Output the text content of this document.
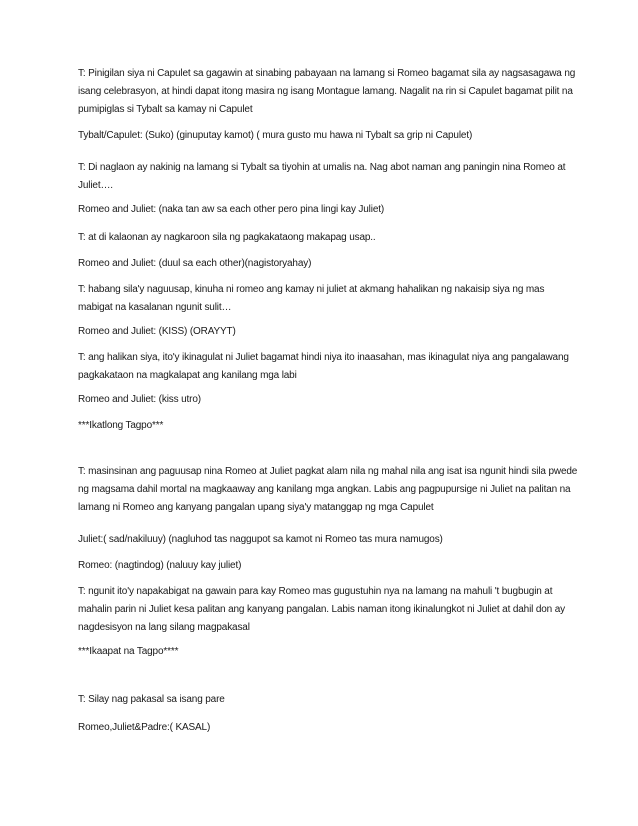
T: Pinigilan siya ni Capulet sa gagawin at sinabing pabayaan na lamang si Romeo bagamat sila ay nagsasagawa ng isang celebrasyon, at hindi dapat itong masira ng isang Montague lamang. Nagalit na rin si Capulet bagamat pilit na pumipiglas si Tybalt sa kamay ni Capulet

Tybalt/Capulet: (Suko) (ginuputay kamot) ( mura gusto mu hawa ni Tybalt sa grip ni Capulet)

T: Di naglaon ay nakinig na lamang si Tybalt sa tiyohin at umalis na. Nag abot naman ang paningin nina Romeo at Juliet….

Romeo and Juliet: (naka tan aw sa each other pero pina lingi kay Juliet)

T: at di kalaonan ay nagkaroon sila ng pagkakataong makapag usap..

Romeo and Juliet: (duul sa each other)(nagistoryahay)

T: habang sila'y naguusap, kinuha ni romeo ang kamay ni juliet at akmang hahalikan ng nakaisip siya ng mas mabigat na kasalanan ngunit sulit…

Romeo and Juliet: (KISS) (ORAYYT)

T: ang halikan siya, ito'y ikinagulat ni Juliet bagamat hindi niya ito inaasahan, mas ikinagulat niya ang pangalawang pagkakataon na magkalapat ang kanilang mga labi

Romeo and Juliet: (kiss utro)

***Ikatlong Tagpo***

T: masinsinan ang paguusap nina Romeo at Juliet pagkat alam nila ng mahal nila ang isat isa ngunit hindi sila pwede ng magsama dahil mortal na magkaaway ang kanilang mga angkan. Labis ang pagpupursige ni Juliet na palitan na lamang ni Romeo ang kanyang pangalan upang siya'y matanggap ng mga Capulet

Juliet:( sad/nakiluuy) (nagluhod tas naggupot sa kamot ni Romeo tas mura namugos)

Romeo: (nagtindog) (naluuy kay juliet)

T: ngunit ito'y napakabigat na gawain para kay Romeo mas gugustuhin nya na lamang na mahuli 't bugbugin at mahalin parin ni Juliet kesa palitan ang kanyang pangalan. Labis naman itong ikinalungkot ni Juliet at dahil don ay nagdesisyon na lang silang magpakasal

***Ikaapat na Tagpo****

T: Silay nag pakasal sa isang pare

Romeo,Juliet&Padre:( KASAL)
